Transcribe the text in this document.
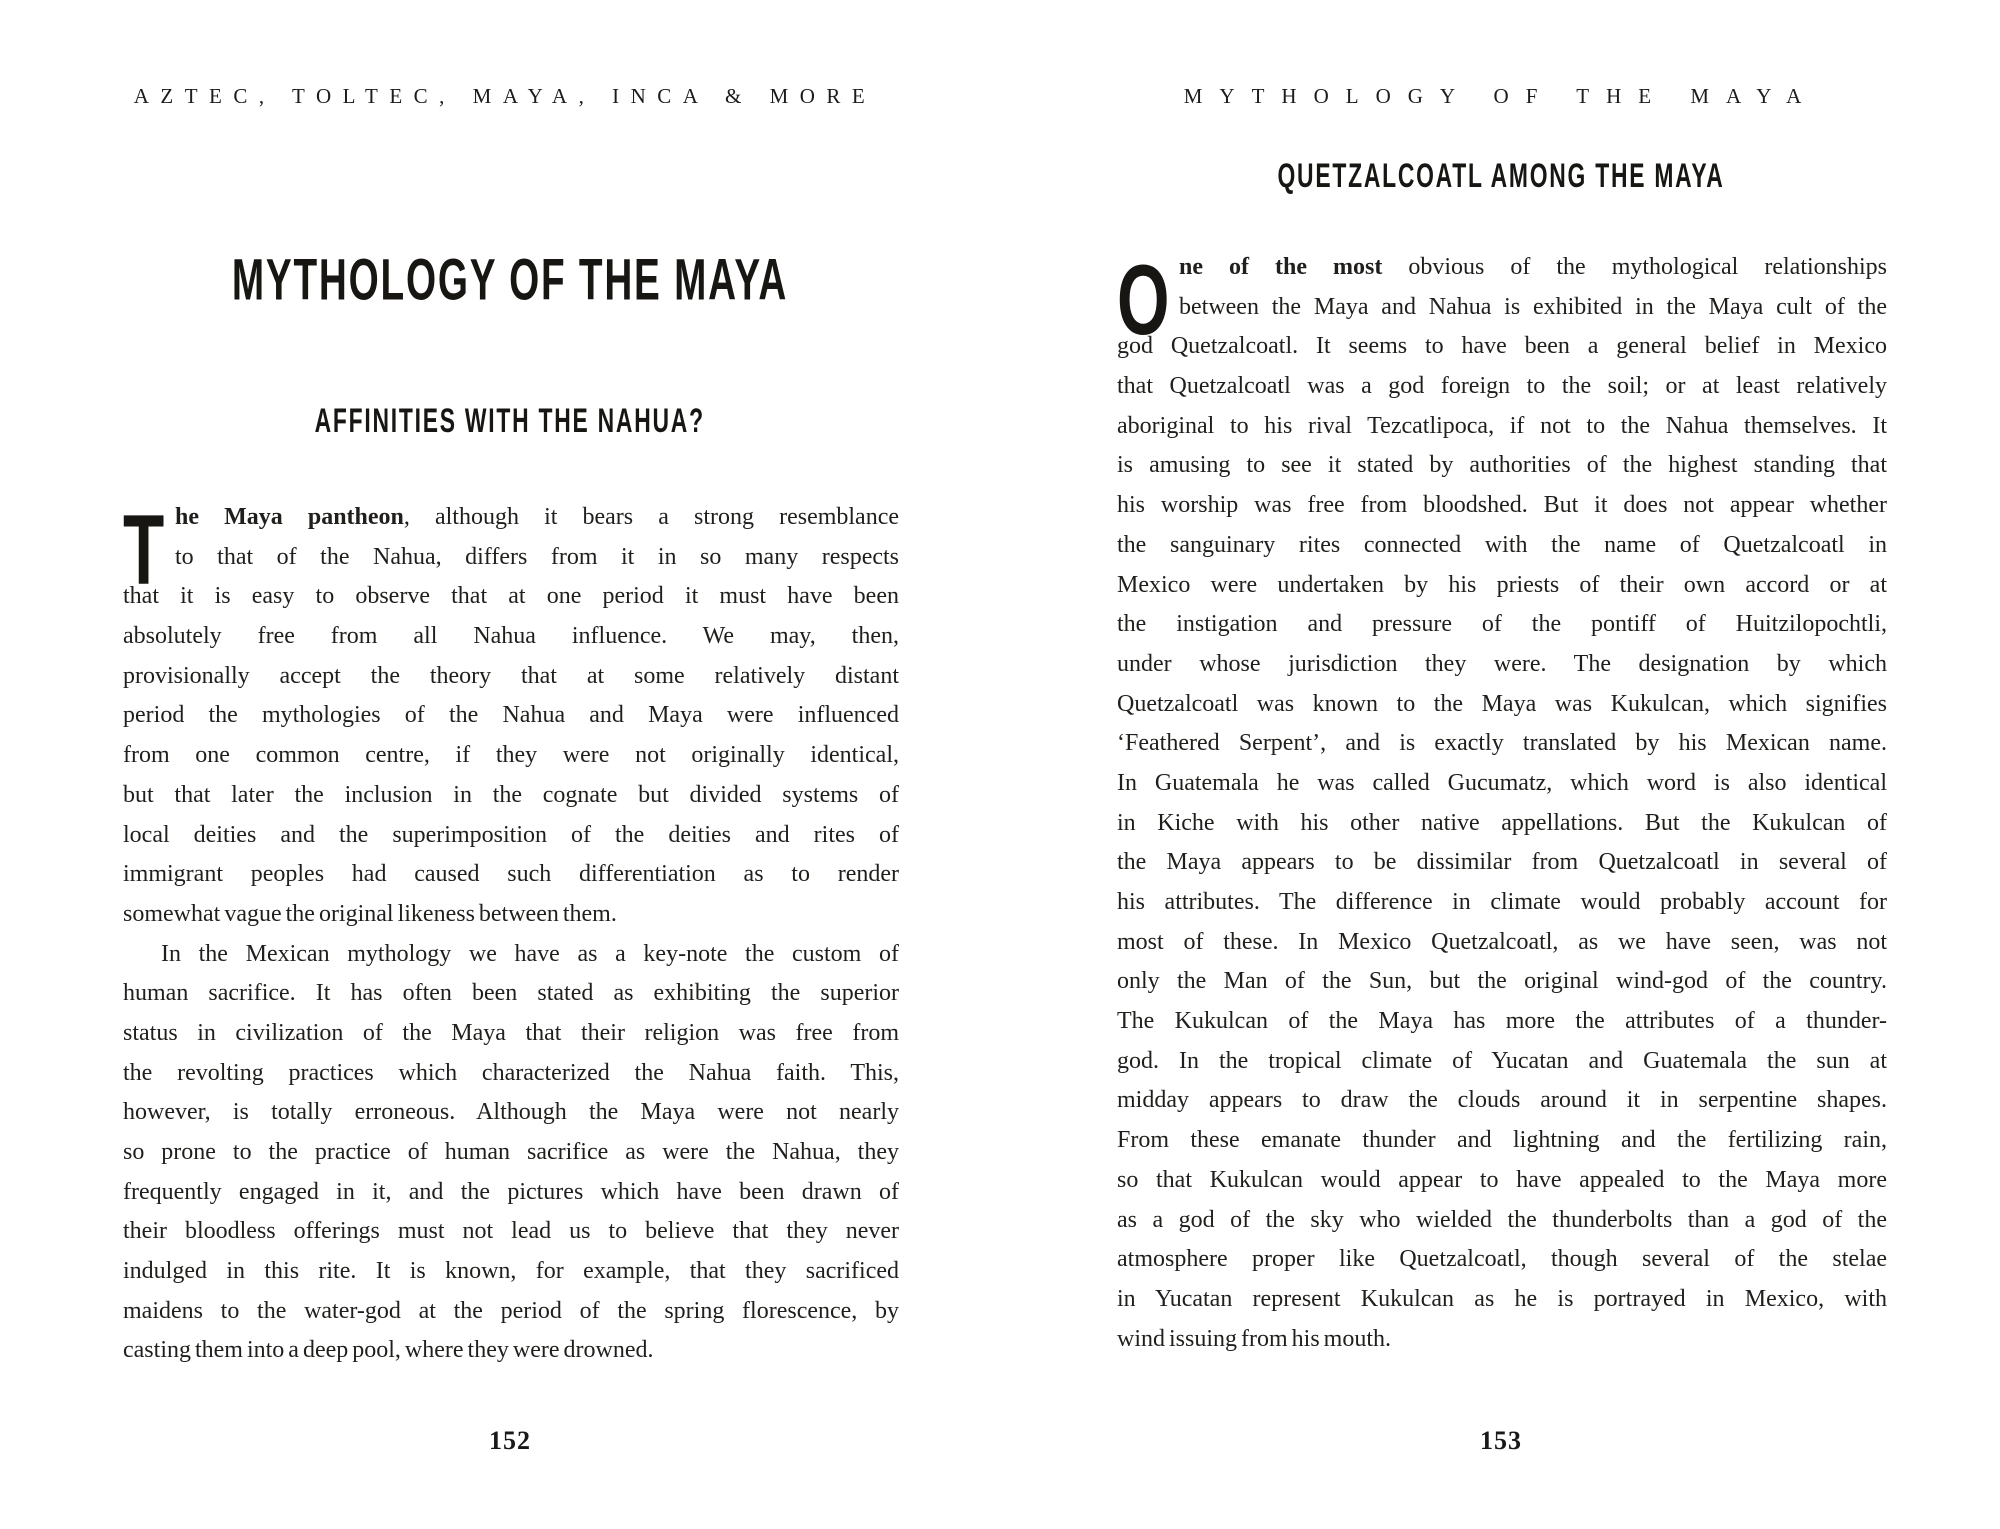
AZTEC, TOLTEC, MAYA, INCA & MORE
MYTHOLOGY OF THE MAYA
AFFINITIES WITH THE NAHUA?
T he Maya pantheon, although it bears a strong resemblance
to that of the Nahua, differs from it in so many respects
that it is easy to observe that at one period it must have been
absolutely free from all Nahua influence. We may, then,
provisionally accept the theory that at some relatively distant
period the mythologies of the Nahua and Maya were influenced
from one common centre, if they were not originally identical,
but that later the inclusion in the cognate but divided systems of
local deities and the superimposition of the deities and rites of
immigrant peoples had caused such differentiation as to render
somewhat vague the original likeness between them.
In the Mexican mythology we have as a key-note the custom of
human sacrifice. It has often been stated as exhibiting the superior
status in civilization of the Maya that their religion was free from
the revolting practices which characterized the Nahua faith. This,
however, is totally erroneous. Although the Maya were not nearly
so prone to the practice of human sacrifice as were the Nahua, they
frequently engaged in it, and the pictures which have been drawn of
their bloodless offerings must not lead us to believe that they never
indulged in this rite. It is known, for example, that they sacrificed
maidens to the water-god at the period of the spring florescence, by
casting them into a deep pool, where they were drowned.
152
MYTHOLOGY OF THE MAYA
QUETZALCOATL AMONG THE MAYA
O ne of the most obvious of the mythological relationships
between the Maya and Nahua is exhibited in the Maya cult of the
god Quetzalcoatl. It seems to have been a general belief in Mexico
that Quetzalcoatl was a god foreign to the soil; or at least relatively
aboriginal to his rival Tezcatlipoca, if not to the Nahua themselves. It
is amusing to see it stated by authorities of the highest standing that
his worship was free from bloodshed. But it does not appear whether
the sanguinary rites connected with the name of Quetzalcoatl in
Mexico were undertaken by his priests of their own accord or at
the instigation and pressure of the pontiff of Huitzilopochtli,
under whose jurisdiction they were. The designation by which
Quetzalcoatl was known to the Maya was Kukulcan, which signifies
‘Feathered Serpent’, and is exactly translated by his Mexican name.
In Guatemala he was called Gucumatz, which word is also identical
in Kiche with his other native appellations. But the Kukulcan of
the Maya appears to be dissimilar from Quetzalcoatl in several of
his attributes. The difference in climate would probably account for
most of these. In Mexico Quetzalcoatl, as we have seen, was not
only the Man of the Sun, but the original wind-god of the country.
The Kukulcan of the Maya has more the attributes of a thunder-
god. In the tropical climate of Yucatan and Guatemala the sun at
midday appears to draw the clouds around it in serpentine shapes.
From these emanate thunder and lightning and the fertilizing rain,
so that Kukulcan would appear to have appealed to the Maya more
as a god of the sky who wielded the thunderbolts than a god of the
atmosphere proper like Quetzalcoatl, though several of the stelae
in Yucatan represent Kukulcan as he is portrayed in Mexico, with
wind issuing from his mouth.
153
